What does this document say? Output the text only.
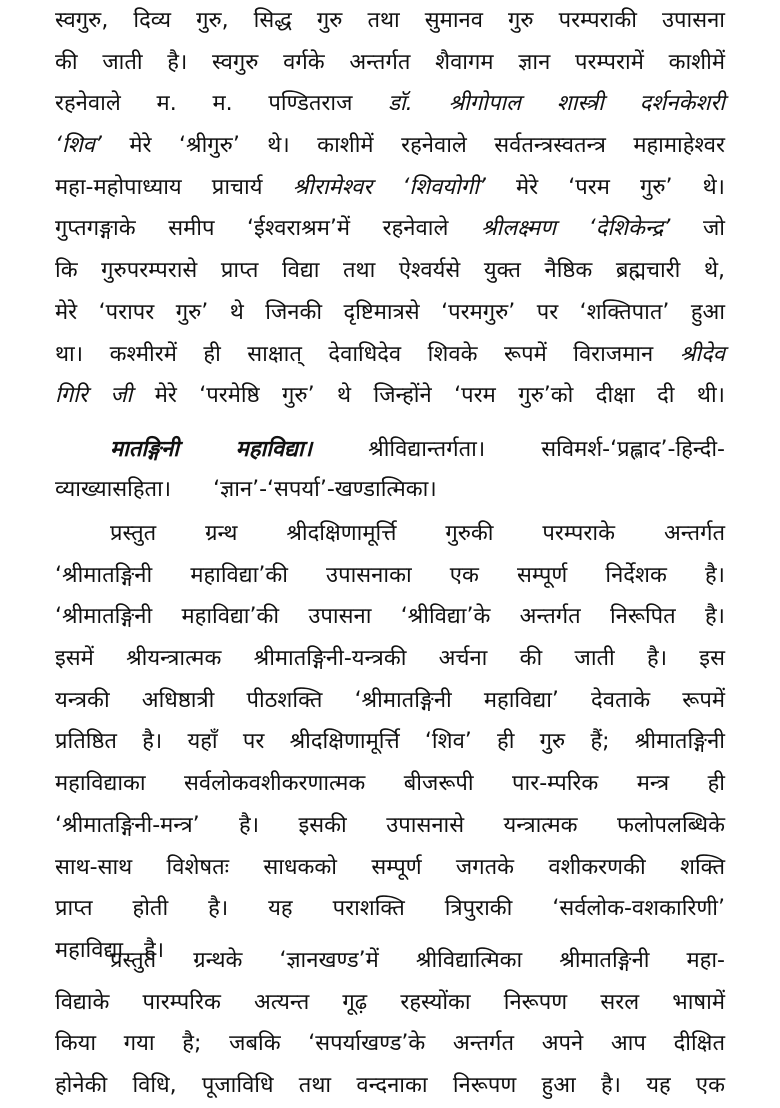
स्वगुरु, दिव्य गुरु, सिद्ध गुरु तथा सुमानव गुरु परम्पराकी उपासना
की जाती है। स्वगुरु वर्गके अन्तर्गत शैवागम ज्ञान परम्परामें काशीमें
रहनेवाले म. म. पण्डितराज डॉ. श्रीगोपाल शास्त्री दर्शनकेशरी
‘शिव’ मेरे ‘श्रीगुरु’ थे। काशीमें रहनेवाले सर्वतन्त्रस्वतन्त्र महामाहेश्वर
महा-महोपाध्याय प्राचार्य श्रीरामेश्वर ‘शिवयोगी’ मेरे ‘परम गुरु’ थे।
गुप्तगङ्गाके समीप ‘ईश्वराश्रम’में रहनेवाले श्रीलक्ष्मण ‘देशिकेन्द्र’ जो
कि गुरुपरम्परासे प्राप्त विद्या तथा ऐश्वर्यसे युक्त नैष्ठिक ब्रह्मचारी थे,
मेरे ‘परापर गुरु’ थे जिनकी दृष्टिमात्रसे ‘परमगुरु’ पर ‘शक्तिपात’ हुआ
था। कश्मीरमें ही साक्षात् देवाधिदेव शिवके रूपमें विराजमान श्रीदेव
गिरि जी मेरे ‘परमेष्ठि गुरु’ थे जिन्होंने ‘परम गुरु’को दीक्षा दी थी।
मातङ्गिनी महाविद्या। श्रीविद्यान्तर्गता। सविमर्श-‘प्रह्लाद’-हिन्दी-
व्याख्यासहिता।      ‘ज्ञान’-‘सपर्या’-खण्डात्मिका।
प्रस्तुत ग्रन्थ श्रीदक्षिणामूर्त्ति गुरुकी परम्पराके अन्तर्गत
‘श्रीमातङ्गिनी महाविद्या’की उपासनाका एक सम्पूर्ण निर्देशक है।
‘श्रीमातङ्गिनी महाविद्या’की उपासना ‘श्रीविद्या’के अन्तर्गत निरूपित है।
इसमें श्रीयन्त्रात्मक श्रीमातङ्गिनी-यन्त्रकी अर्चना की जाती है। इस
यन्त्रकी अधिष्ठात्री पीठशक्ति ‘श्रीमातङ्गिनी महाविद्या’ देवताके रूपमें
प्रतिष्ठित है। यहाँ पर श्रीदक्षिणामूर्त्ति ‘शिव’ ही गुरु हैं; श्रीमातङ्गिनी
महाविद्याका सर्वलोकवशीकरणात्मक बीजरूपी पार-म्परिक मन्त्र ही
‘श्रीमातङ्गिनी-मन्त्र’ है। इसकी उपासनासे यन्त्रात्मक फलोपलब्धिके
साथ-साथ विशेषतः साधकको सम्पूर्ण जगतके वशीकरणकी शक्ति
प्राप्त होती है। यह पराशक्ति त्रिपुराकी ‘सर्वलोक-वशकारिणी’
महाविद्या है।
प्रस्तुत ग्रन्थके ‘ज्ञानखण्ड’में श्रीविद्यात्मिका श्रीमातङ्गिनी महा-
विद्याके पारम्परिक अत्यन्त गूढ़ रहस्योंका निरूपण सरल भाषामें
किया गया है; जबकि ‘सपर्याखण्ड’के अन्तर्गत अपने आप दीक्षित
होनेकी विधि, पूजाविधि तथा वन्दनाका निरूपण हुआ है। यह एक
